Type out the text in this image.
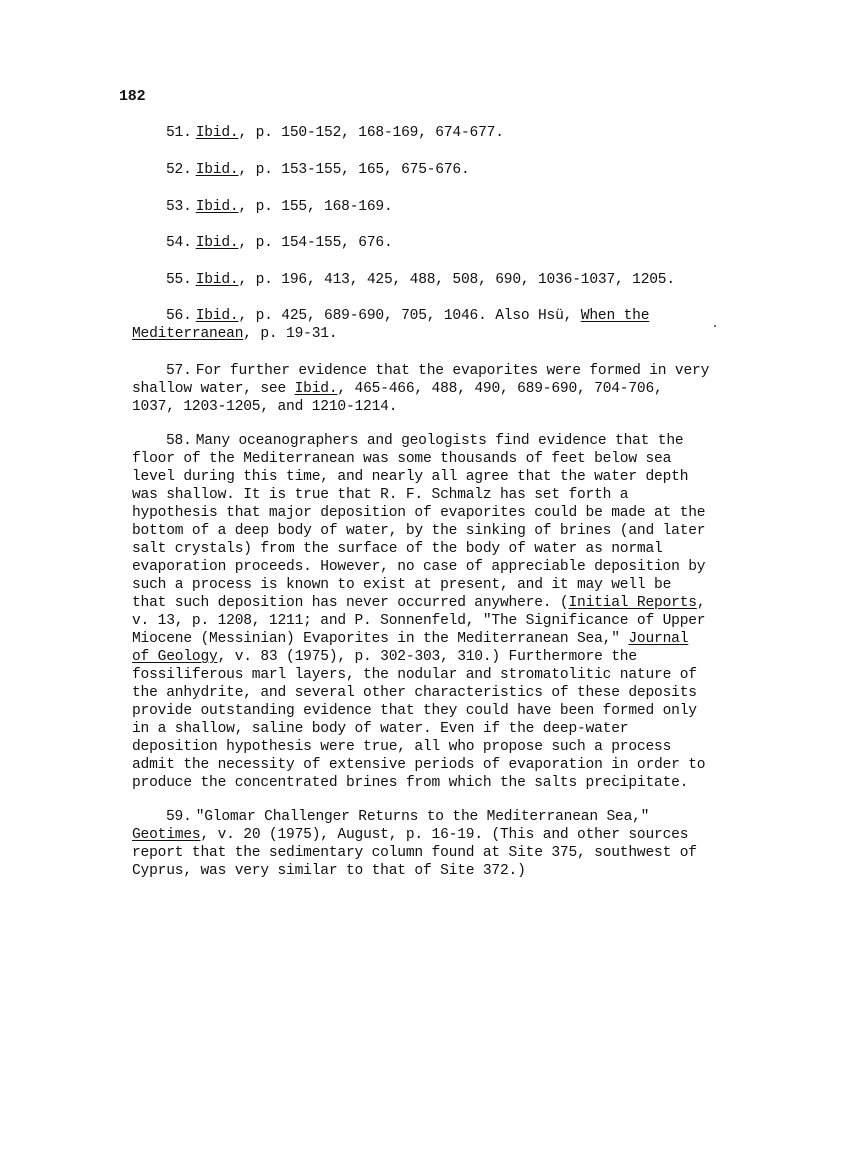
182

51. Ibid., p. 150-152, 168-169, 674-677.

52. Ibid., p. 153-155, 165, 675-676.

53. Ibid., p. 155, 168-169.

54. Ibid., p. 154-155, 676.

55. Ibid., p. 196, 413, 425, 488, 508, 690, 1036-1037, 1205.

56. Ibid., p. 425, 689-690, 705, 1046. Also Hsü, When the Mediterranean, p. 19-31.

57. For further evidence that the evaporites were formed in very shallow water, see Ibid., 465-466, 488, 490, 689-690, 704-706, 1037, 1203-1205, and 1210-1214.

58. Many oceanographers and geologists find evidence that the floor of the Mediterranean was some thousands of feet below sea level during this time, and nearly all agree that the water depth was shallow. It is true that R. F. Schmalz has set forth a hypothesis that major deposition of evaporites could be made at the bottom of a deep body of water, by the sinking of brines (and later salt crystals) from the surface of the body of water as normal evaporation proceeds. However, no case of appreciable deposition by such a process is known to exist at present, and it may well be that such deposition has never occurred anywhere. (Initial Reports, v. 13, p. 1208, 1211; and P. Sonnenfeld, "The Significance of Upper Miocene (Messinian) Evaporites in the Mediterranean Sea," Journal of Geology, v. 83 (1975), p. 302-303, 310.) Furthermore the fossiliferous marl layers, the nodular and stromatolitic nature of the anhydrite, and several other characteristics of these deposits provide outstanding evidence that they could have been formed only in a shallow, saline body of water. Even if the deep-water deposition hypothesis were true, all who propose such a process admit the necessity of extensive periods of evaporation in order to produce the concentrated brines from which the salts precipitate.

59. "Glomar Challenger Returns to the Mediterranean Sea," Geotimes, v. 20 (1975), August, p. 16-19. (This and other sources report that the sedimentary column found at Site 375, southwest of Cyprus, was very similar to that of Site 372.)
